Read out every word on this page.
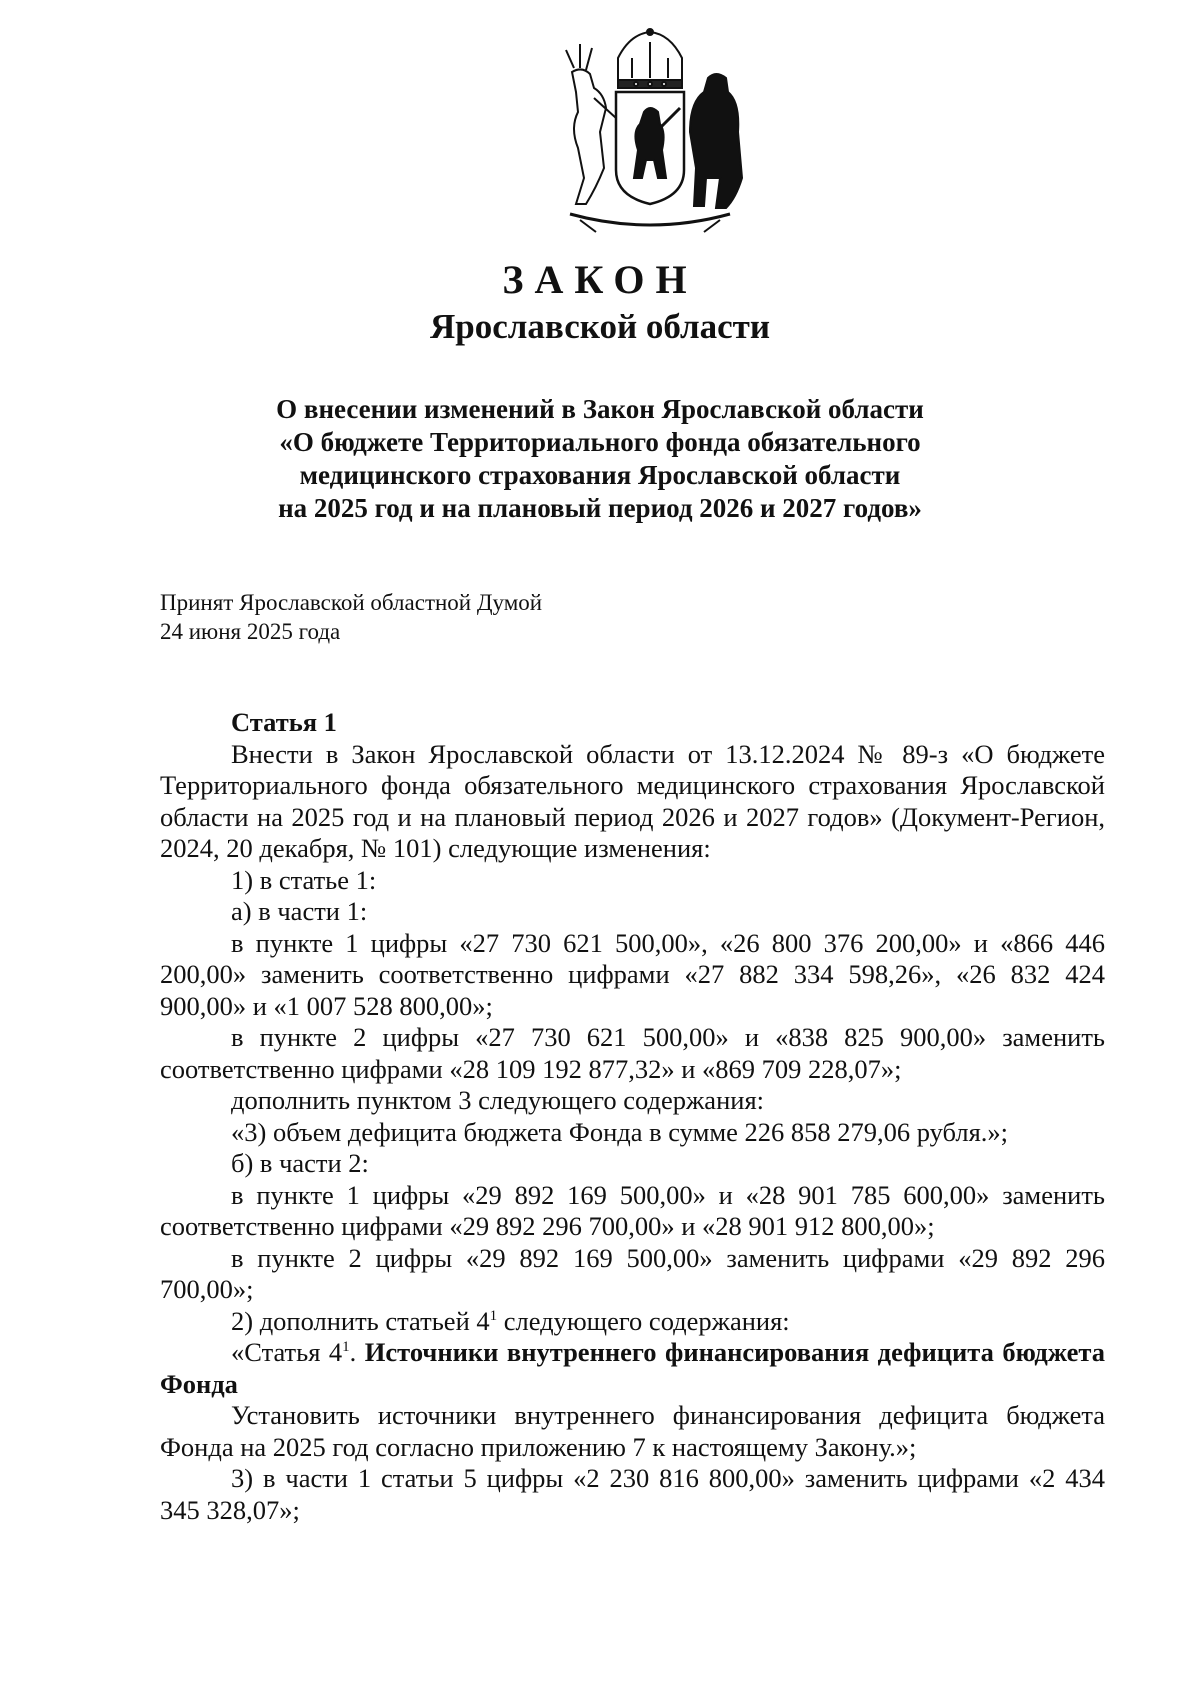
ЗАКОН
Ярославской области
О внесении изменений в Закон Ярославской области
«О бюджете Территориального фонда обязательного
медицинского страхования Ярославской области
на 2025 год и на плановый период 2026 и 2027 годов»
Принят Ярославской областной Думой
24 июня 2025 года

Статья 1

Внести в Закон Ярославской области от 13.12.2024 № 89-з «О бюджете Территориального фонда обязательного медицинского страхования Ярославской области на 2025 год и на плановый период 2026 и 2027 годов» (Документ-Регион, 2024, 20 декабря, № 101) следующие изменения:

1) в статье 1:

а) в части 1:

в пункте 1 цифры «27 730 621 500,00», «26 800 376 200,00» и «866 446 200,00» заменить соответственно цифрами «27 882 334 598,26», «26 832 424 900,00» и «1 007 528 800,00»;

в пункте 2 цифры «27 730 621 500,00» и «838 825 900,00» заменить соответственно цифрами «28 109 192 877,32» и «869 709 228,07»;

дополнить пунктом 3 следующего содержания:

«3) объем дефицита бюджета Фонда в сумме 226 858 279,06 рубля.»;

б) в части 2:

в пункте 1 цифры «29 892 169 500,00» и «28 901 785 600,00» заменить соответственно цифрами «29 892 296 700,00» и «28 901 912 800,00»;

в пункте 2 цифры «29 892 169 500,00» заменить цифрами «29 892 296 700,00»;

2) дополнить статьей $4^1$ следующего содержания:

«Статья $4^1$. Источники внутреннего финансирования дефицита бюджета Фонда

Установить источники внутреннего финансирования дефицита бюджета Фонда на 2025 год согласно приложению 7 к настоящему Закону.»;

3) в части 1 статьи 5 цифры «2 230 816 800,00» заменить цифрами «2 434 345 328,07»;
